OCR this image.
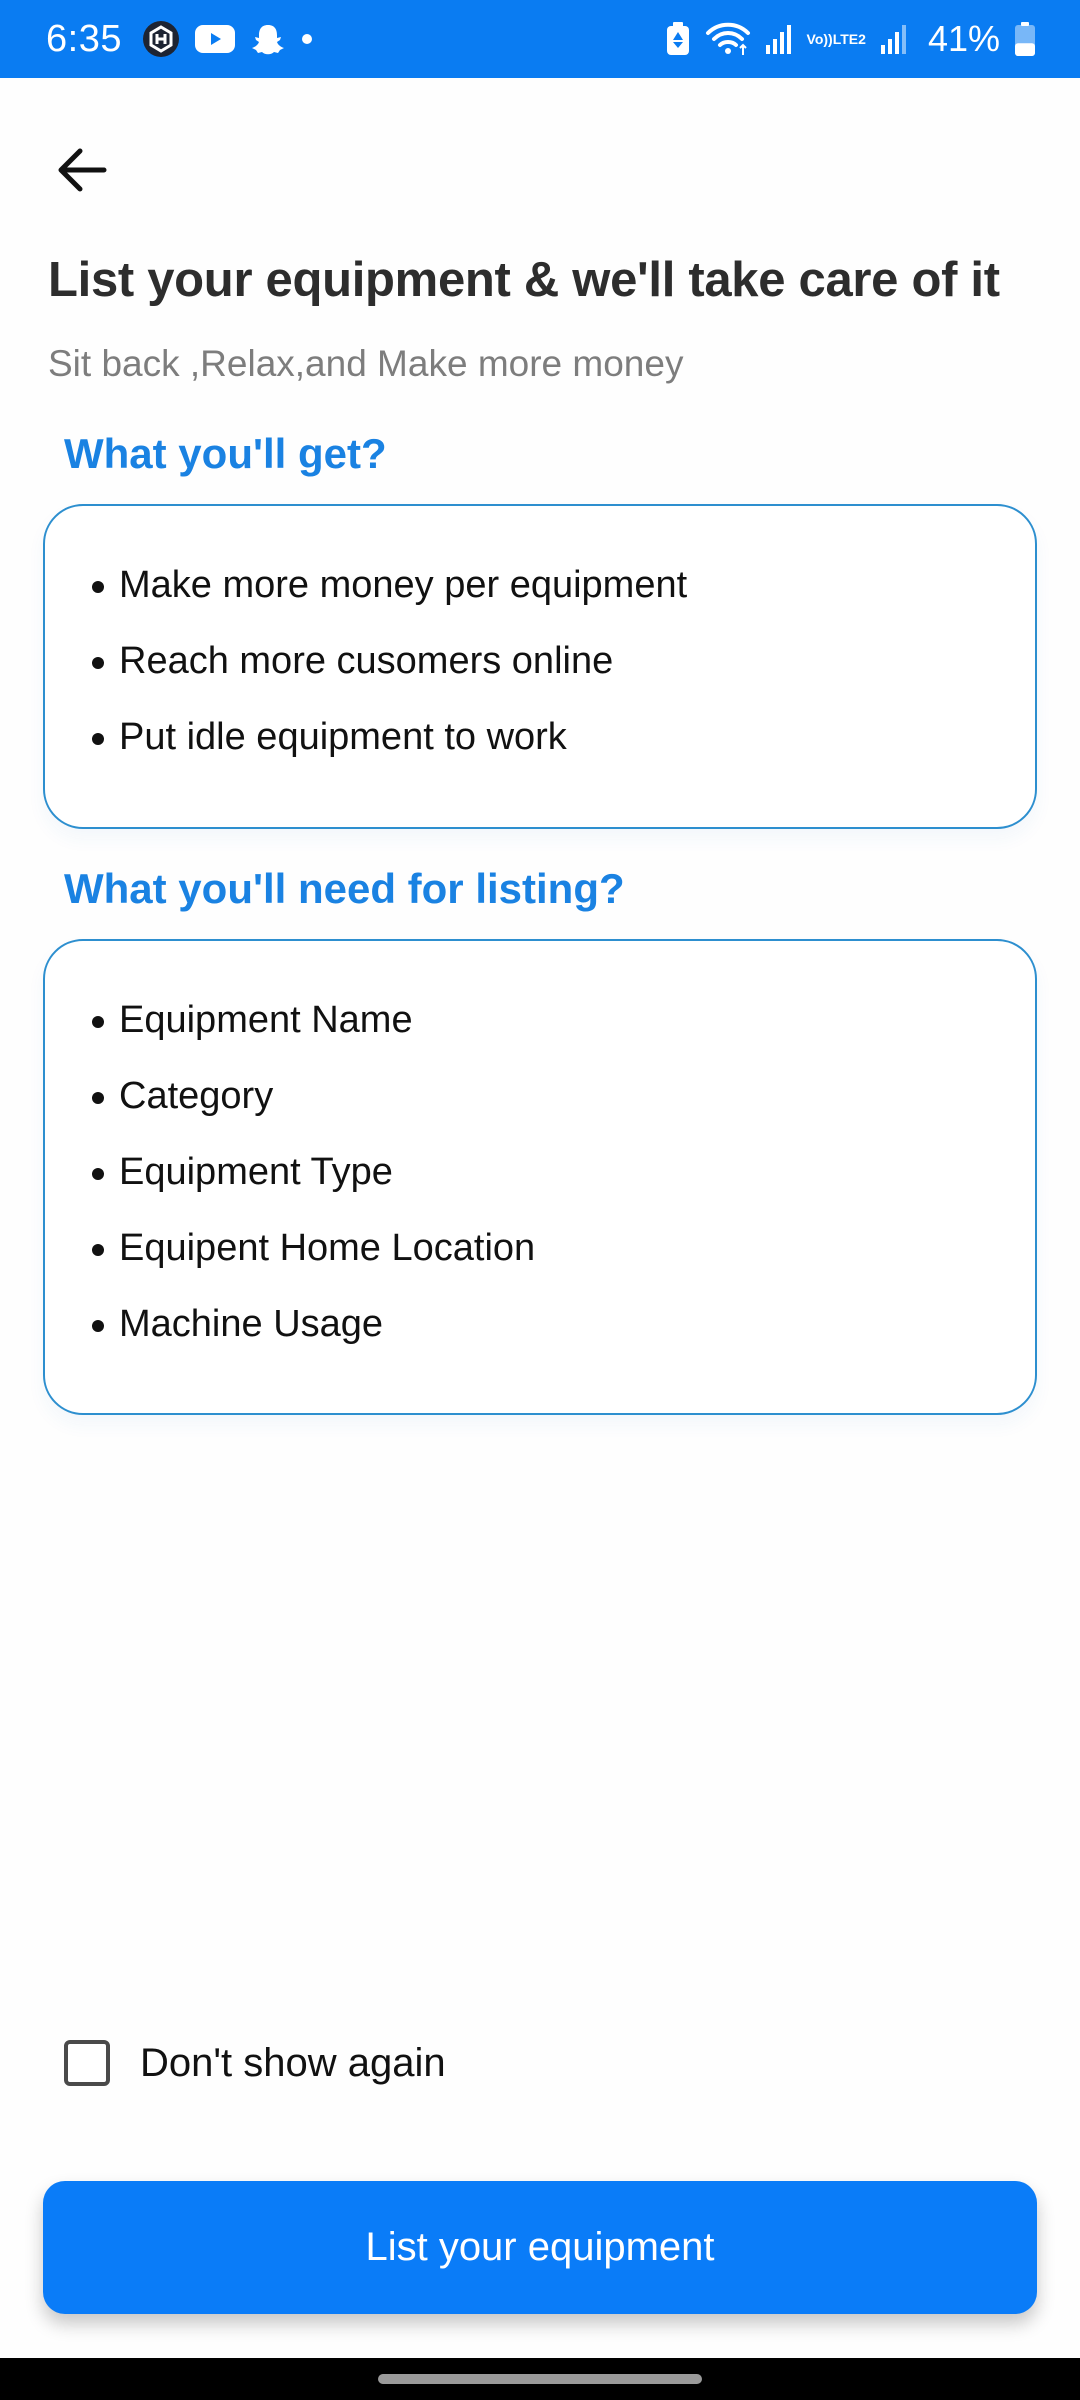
6:35	Vo)) LTE2 41%
List your equipment & we'll take care of it

Sit back ,Relax,and Make more money

What you'll get?
Make more money per equipment
Reach more cusomers online
Put idle equipment to work
What you'll need for listing?
Equipment Name
Category
Equipment Type
Equipent Home Location
Machine Usage
Don't show again
List your equipment
